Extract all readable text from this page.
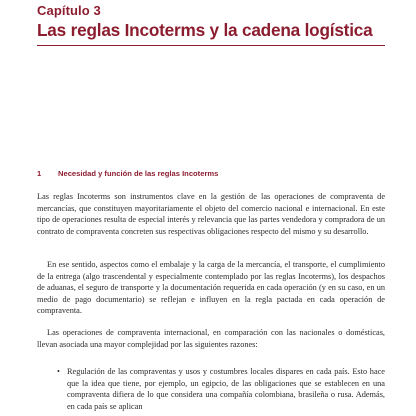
Capítulo 3
Las reglas Incoterms y la cadena logística
1 Necesidad y función de las reglas Incoterms
Las reglas Incoterms son instrumentos clave en la gestión de las operaciones de compraventa de mercancías, que constituyen mayoritariamente el objeto del comercio nacional e internacional. En este tipo de operaciones resulta de especial interés y relevancia que las partes vendedora y compradora de un contrato de compraventa concreten sus respectivas obligaciones respecto del mismo y su desarrollo.
En ese sentido, aspectos como el embalaje y la carga de la mercancía, el transporte, el cumplimiento de la entrega (algo trascendental y especialmente contemplado por las reglas Incoterms), los despachos de aduanas, el seguro de transporte y la documentación requerida en cada operación (y en su caso, en un medio de pago documentario) se reflejan e influyen en la regla pactada en cada operación de compraventa.
Las operaciones de compraventa internacional, en comparación con las nacionales o domésticas, llevan asociada una mayor complejidad por las siguientes razones:
• Regulación de las compraventas y usos y costumbres locales dispares en cada país. Esto hace que la idea que tiene, por ejemplo, un egipcio, de las obligaciones que se establecen en una compraventa difiera de lo que considera una compañía colombiana, brasileña o rusa. Además, en cada país se aplican
